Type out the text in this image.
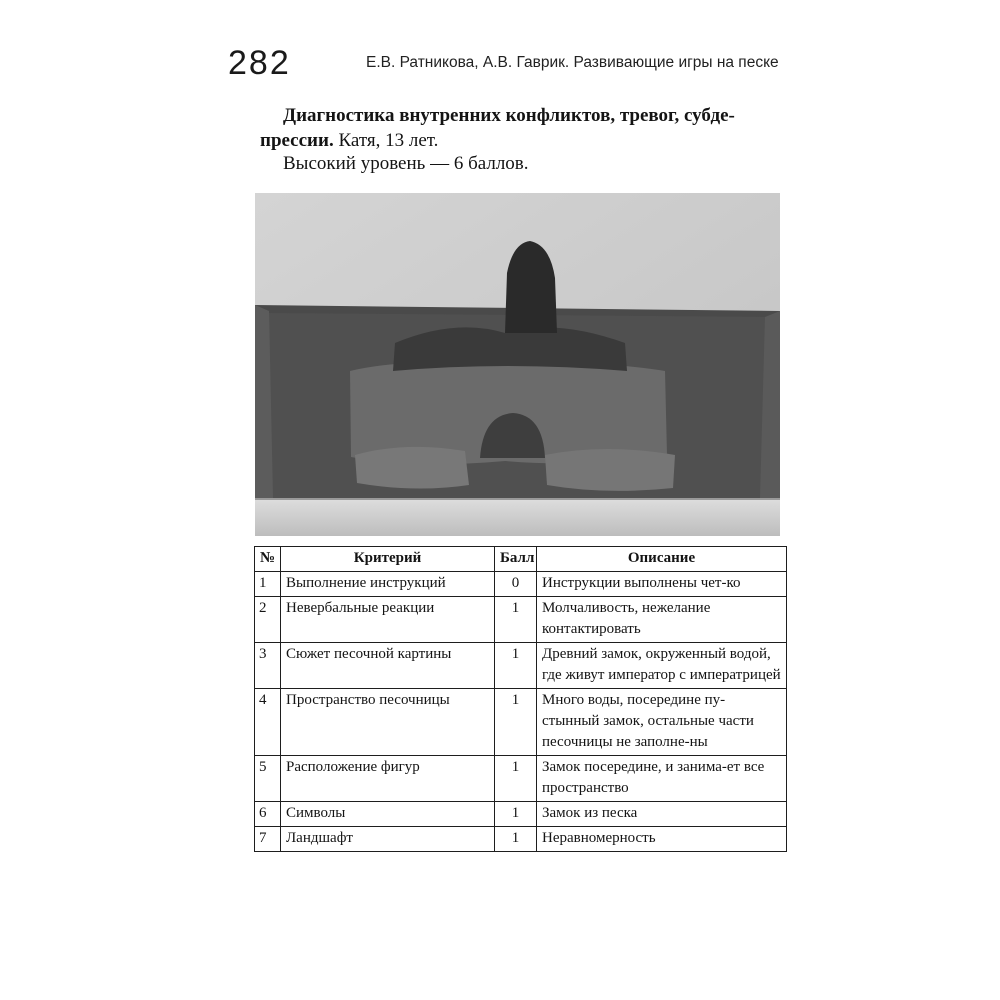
282	Е.В. Ратникова, А.В. Гаврик. Развивающие игры на песке
Диагностика внутренних конфликтов, тревог, субде-прессии. Катя, 13 лет.
Высокий уровень — 6 баллов.
№	Критерий	Балл	Описание
1	Выполнение инструкций	0	Инструкции выполнены чет-ко
2	Невербальные реакции	1	Молчаливость, нежелание контактировать
3	Сюжет песочной картины	1	Древний замок, окруженный водой, где живут император с императрицей
4	Пространство песочницы	1	Много воды, посередине пу-стынный замок, остальные части песочницы не заполне-ны
5	Расположение фигур	1	Замок посередине, и занима-ет все пространство
6	Символы	1	Замок из песка
7	Ландшафт	1	Неравномерность
